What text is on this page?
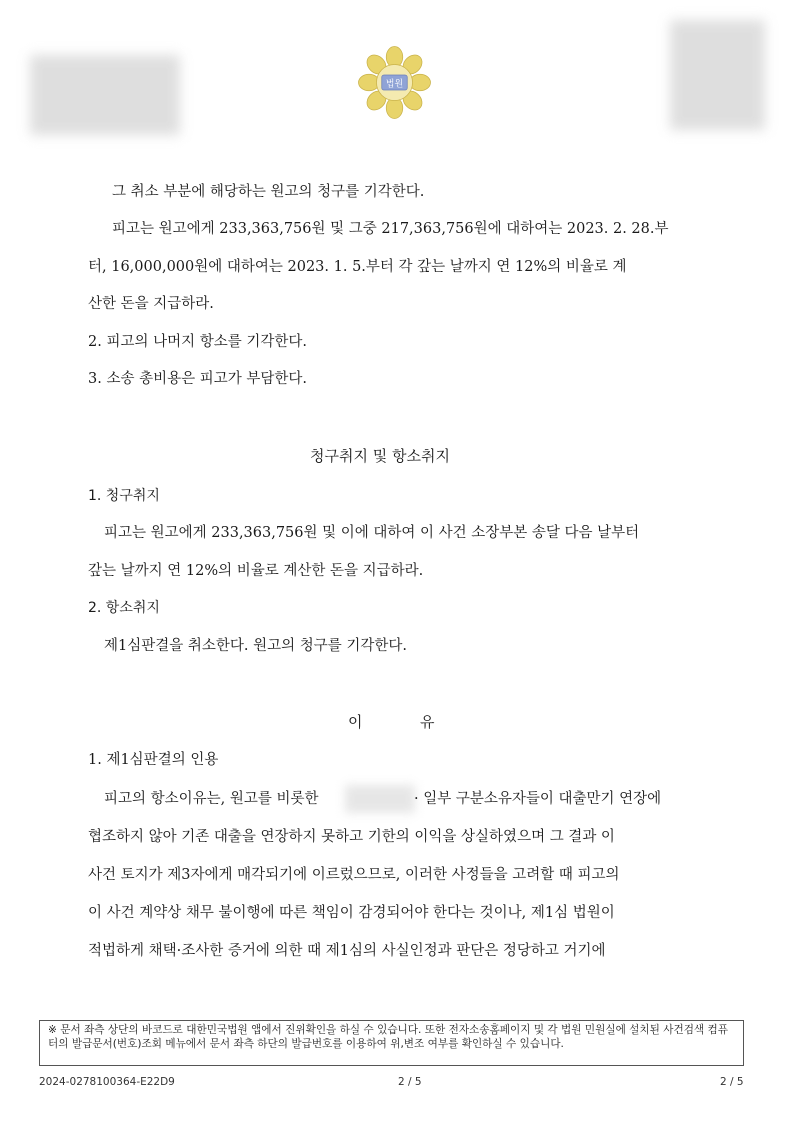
법원
그 취소 부분에 해당하는 원고의 청구를 기각한다.
피고는 원고에게 233,363,756원 및 그중 217,363,756원에 대하여는 2023. 2. 28.부
터, 16,000,000원에 대하여는 2023. 1. 5.부터 각 갚는 날까지 연 12%의 비율로 계
산한 돈을 지급하라.
2. 피고의 나머지 항소를 기각한다.
3. 소송 총비용은 피고가 부담한다.
청구취지 및 항소취지
1. 청구취지
피고는 원고에게 233,363,756원 및 이에 대하여 이 사건 소장부본 송달 다음 날부터
갚는 날까지 연 12%의 비율로 계산한 돈을 지급하라.
2. 항소취지
제1심판결을 취소한다. 원고의 청구를 기각한다.
이	유
1. 제1심판결의 인용
피고의 항소이유는, 원고를 비롯한	· 일부 구분소유자들이 대출만기 연장에
협조하지 않아 기존 대출을 연장하지 못하고 기한의 이익을 상실하였으며 그 결과 이
사건 토지가 제3자에게 매각되기에 이르렀으므로, 이러한 사정들을 고려할 때 피고의
이 사건 계약상 채무 불이행에 따른 책임이 감경되어야 한다는 것이나, 제1심 법원이
적법하게 채택·조사한 증거에 의한 때 제1심의 사실인정과 판단은 정당하고 거기에
※ 문서 좌측 상단의 바코드로 대한민국법원 앱에서 진위확인을 하실 수 있습니다. 또한 전자소송홈페이지 및 각 법원 민원실에 설치된 사건검색 컴퓨터의 발급문서(번호)조회 메뉴에서 문서 좌측 하단의 발급번호를 이용하여 위,변조 여부를 확인하실 수 있습니다.
2024-0278100364-E22D9	2 / 5	2 / 5
